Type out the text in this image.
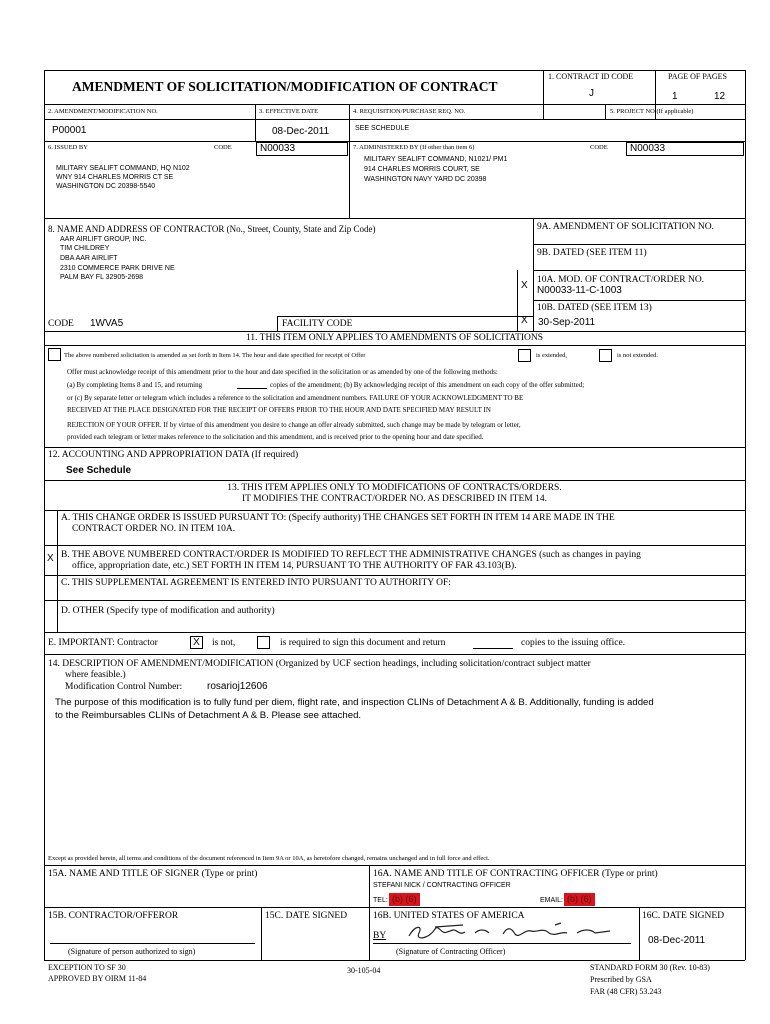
AMENDMENT OF SOLICITATION/MODIFICATION OF CONTRACT
1. CONTRACT ID CODE
J
PAGE OF PAGES
1	12
2. AMENDMENT/MODIFICATION NO.
P00001
3. EFFECTIVE DATE
08-Dec-2011
4. REQUISITION/PURCHASE REQ. NO.
SEE SCHEDULE
5. PROJECT NO.(If applicable)
6. ISSUED BY	CODE	N00033
MILITARY SEALIFT COMMAND, HQ N102
WNY 914 CHARLES MORRIS CT SE
WASHINGTON DC 20398-5540
7. ADMINISTERED BY (If other than item 6)	CODE N00033
MILITARY SEALIFT COMMAND, N1021/ PM1
914 CHARLES MORRIS COURT, SE
WASHINGTON NAVY YARD DC 20398
8. NAME AND ADDRESS OF CONTRACTOR (No., Street, County, State and Zip Code)
AAR AIRLIFT GROUP, INC.
TIM CHILDREY
DBA AAR AIRLIFT
2310 COMMERCE PARK DRIVE NE
PALM BAY FL 32905-2698
CODE 1WVA5	FACILITY CODE
9A. AMENDMENT OF SOLICITATION NO.
9B. DATED (SEE ITEM 11)
X 10A. MOD. OF CONTRACT/ORDER NO.
N00033-11-C-1003
10B. DATED (SEE ITEM 13)
X 30-Sep-2011
11. THIS ITEM ONLY APPLIES TO AMENDMENTS OF SOLICITATIONS
The above numbered solicitation is amended as set forth in Item 14. The hour and date specified for receipt of Offer	is extended,	is not extended.
Offer must acknowledge receipt of this amendment prior to the hour and date specified in the solicitation or as amended by one of the following methods:
(a) By completing Items 8 and 15, and returning	copies of the amendment; (b) By acknowledging receipt of this amendment on each copy of the offer submitted;
or (c) By separate letter or telegram which includes a reference to the solicitation and amendment numbers. FAILURE OF YOUR ACKNOWLEDGMENT TO BE
RECEIVED AT THE PLACE DESIGNATED FOR THE RECEIPT OF OFFERS PRIOR TO THE HOUR AND DATE SPECIFIED MAY RESULT IN
REJECTION OF YOUR OFFER. If by virtue of this amendment you desire to change an offer already submitted, such change may be made by telegram or letter,
provided each telegram or letter makes reference to the solicitation and this amendment, and is received prior to the opening hour and date specified.
12. ACCOUNTING AND APPROPRIATION DATA (If required)
See Schedule
13. THIS ITEM APPLIES ONLY TO MODIFICATIONS OF CONTRACTS/ORDERS.
IT MODIFIES THE CONTRACT/ORDER NO. AS DESCRIBED IN ITEM 14.
A. THIS CHANGE ORDER IS ISSUED PURSUANT TO: (Specify authority) THE CHANGES SET FORTH IN ITEM 14 ARE MADE IN THE
CONTRACT ORDER NO. IN ITEM 10A.
X B. THE ABOVE NUMBERED CONTRACT/ORDER IS MODIFIED TO REFLECT THE ADMINISTRATIVE CHANGES (such as changes in paying
office, appropriation date, etc.) SET FORTH IN ITEM 14, PURSUANT TO THE AUTHORITY OF FAR 43.103(B).
C. THIS SUPPLEMENTAL AGREEMENT IS ENTERED INTO PURSUANT TO AUTHORITY OF:
D. OTHER (Specify type of modification and authority)
E. IMPORTANT: Contractor	X	is not,	is required to sign this document and return	copies to the issuing office.
14. DESCRIPTION OF AMENDMENT/MODIFICATION (Organized by UCF section headings, including solicitation/contract subject matter
where feasible.)
Modification Control Number: rosarioj12606
The purpose of this modification is to fully fund per diem, flight rate, and inspection CLINs of Detachment A & B. Additionally, funding is added
to the Reimbursables CLINs of Detachment A & B. Please see attached.
Except as provided herein, all terms and conditions of the document referenced in Item 9A or 10A, as heretofore changed, remains unchanged and in full force and effect.
15A. NAME AND TITLE OF SIGNER (Type or print)	16A. NAME AND TITLE OF CONTRACTING OFFICER (Type or print)
STEFANI NICK / CONTRACTING OFFICER
TEL: (b) (6)	EMAIL: (b) (6)
15B. CONTRACTOR/OFFEROR
(Signature of person authorized to sign)
15C. DATE SIGNED	16B. UNITED STATES OF AMERICA
BY
(Signature of Contracting Officer)
16C. DATE SIGNED
08-Dec-2011
EXCEPTION TO SF 30
APPROVED BY OIRM 11-84
30-105-04	STANDARD FORM 30 (Rev. 10-83)
Prescribed by GSA
FAR (48 CFR) 53.243
